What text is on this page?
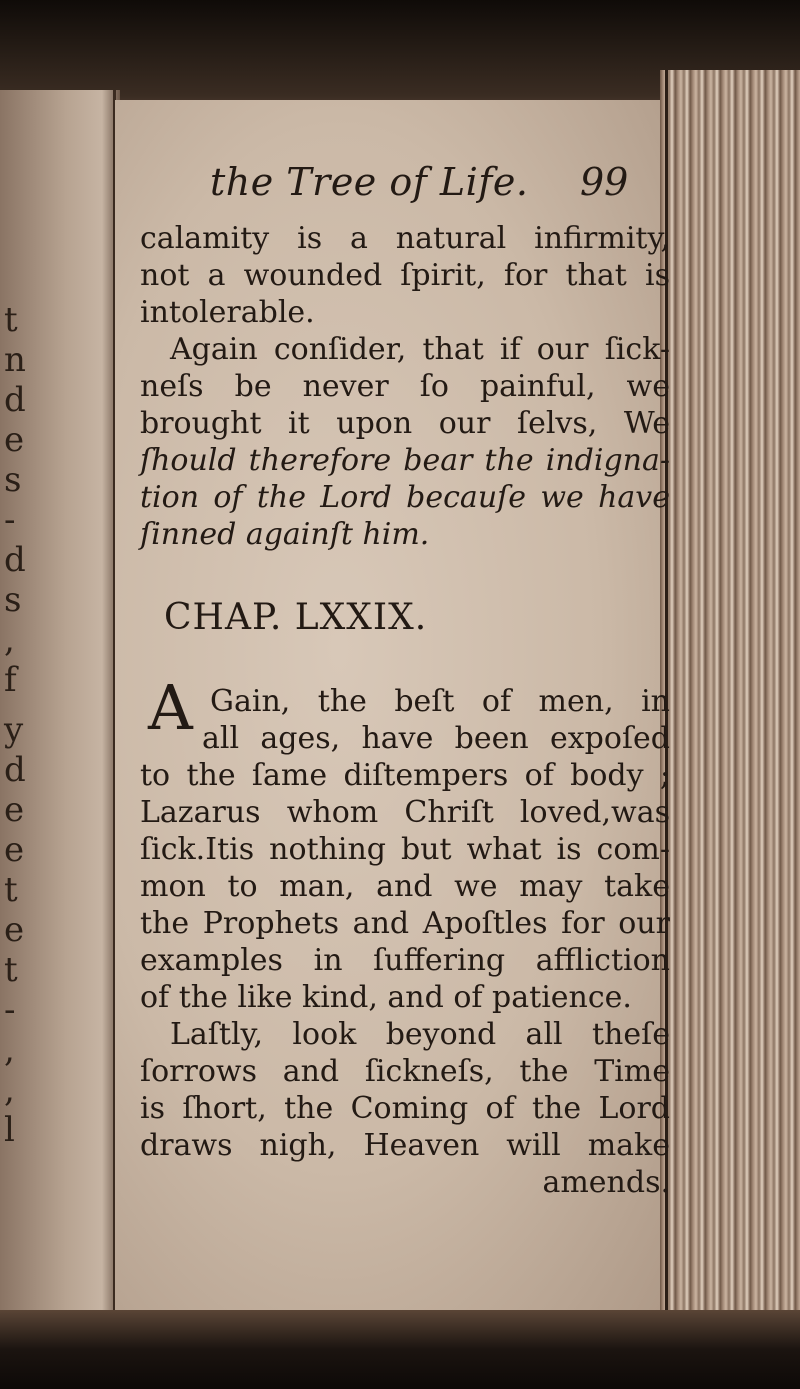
t
n
d
e
s
-
d
s
,
f
y
d
e
e
t
e
t
-
,
,
l
the Tree of Life. 99
calamity is a natural infirmity,
not a wounded ſpirit, for that is
intolerable.
Again conſider, that if our ſick-
neſs be never ſo painful, we
brought it upon our ſelvs, We
ſhould therefore bear the indigna-
tion of the Lord becauſe we have
ſinned againſt him.
CHAP. LXXIX.
A Gain, the beſt of men, in
all ages, have been expoſed
to the ſame diſtempers of body ;
Lazarus whom Chriſt loved,was
ſick.Itis nothing but what is com-
mon to man, and we may take
the Prophets and Apoſtles for our
examples in ſuffering affliction
of the like kind, and of patience.
Laſtly, look beyond all theſe
ſorrows and ſickneſs, the Time
is ſhort, the Coming of the Lord
draws nigh, Heaven will make
amends.
